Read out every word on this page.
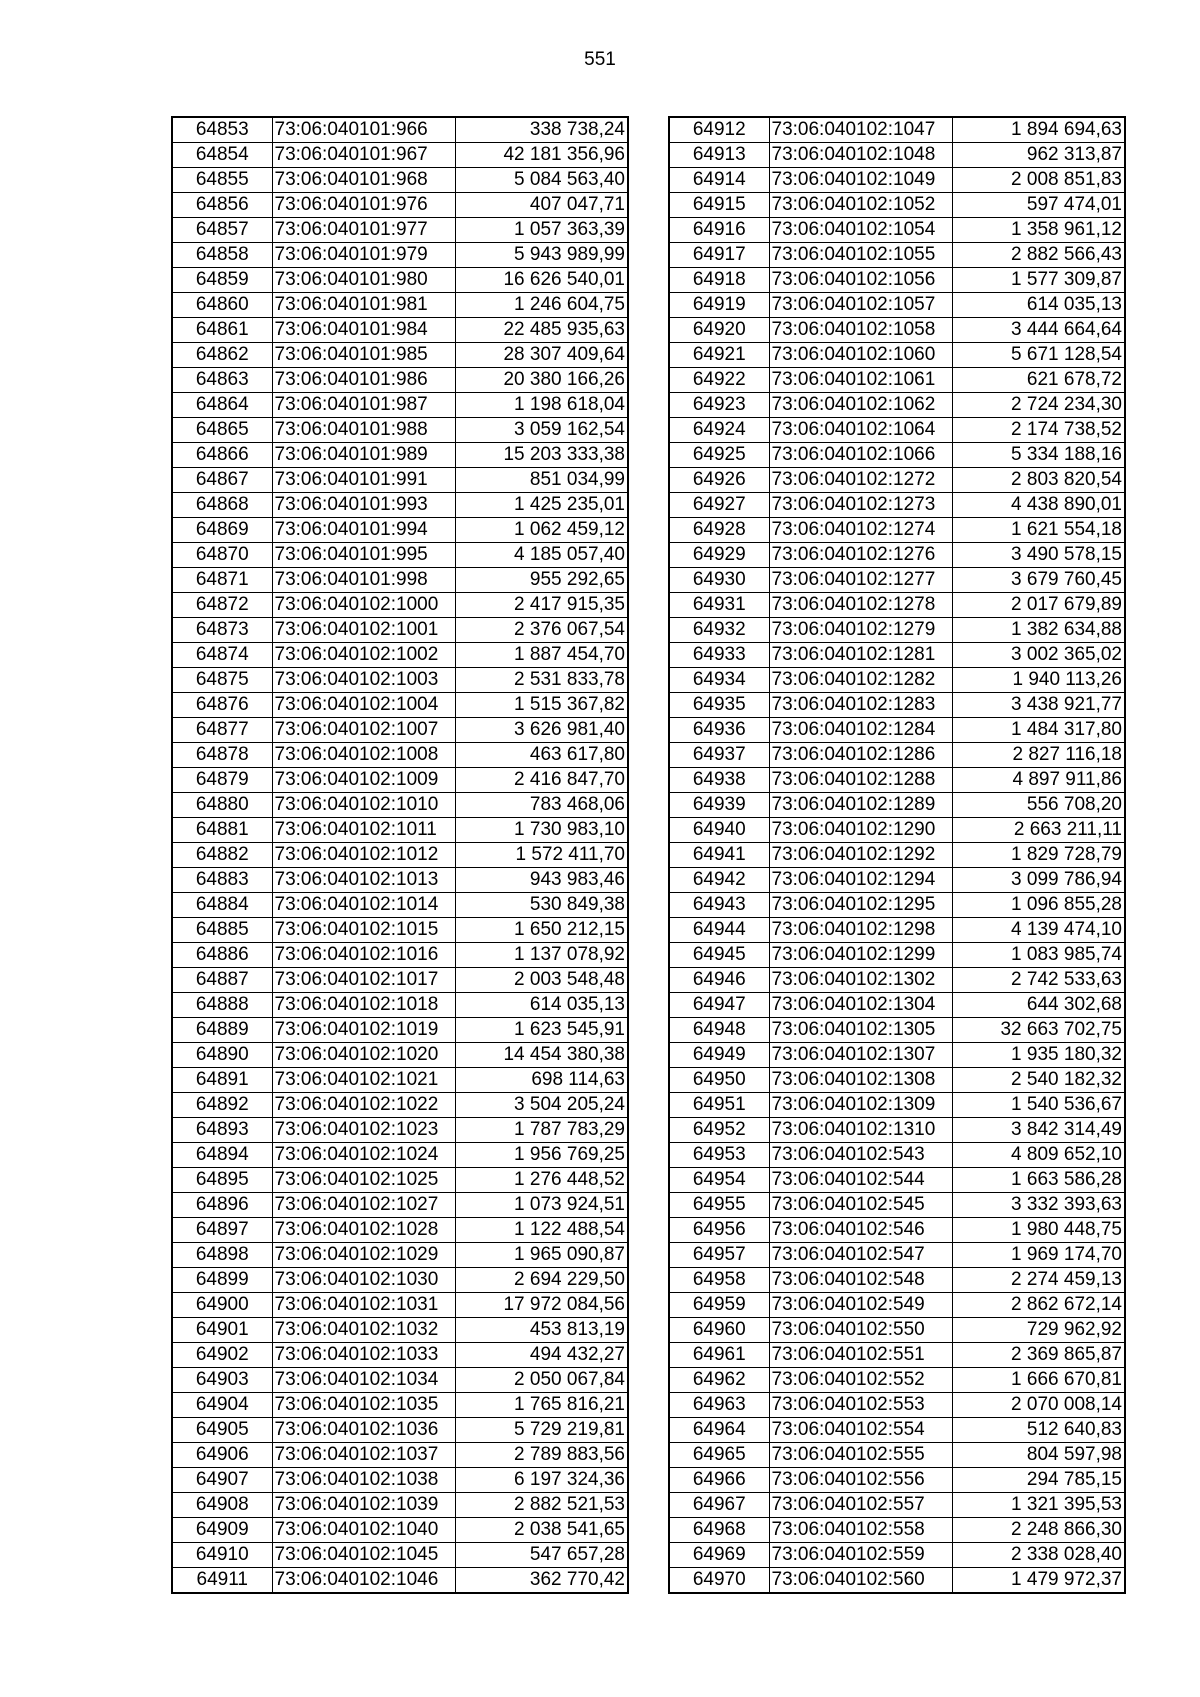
551
64853	73:06:040101:966	338 738,24
64854	73:06:040101:967	42 181 356,96
64855	73:06:040101:968	5 084 563,40
64856	73:06:040101:976	407 047,71
64857	73:06:040101:977	1 057 363,39
64858	73:06:040101:979	5 943 989,99
64859	73:06:040101:980	16 626 540,01
64860	73:06:040101:981	1 246 604,75
64861	73:06:040101:984	22 485 935,63
64862	73:06:040101:985	28 307 409,64
64863	73:06:040101:986	20 380 166,26
64864	73:06:040101:987	1 198 618,04
64865	73:06:040101:988	3 059 162,54
64866	73:06:040101:989	15 203 333,38
64867	73:06:040101:991	851 034,99
64868	73:06:040101:993	1 425 235,01
64869	73:06:040101:994	1 062 459,12
64870	73:06:040101:995	4 185 057,40
64871	73:06:040101:998	955 292,65
64872	73:06:040102:1000	2 417 915,35
64873	73:06:040102:1001	2 376 067,54
64874	73:06:040102:1002	1 887 454,70
64875	73:06:040102:1003	2 531 833,78
64876	73:06:040102:1004	1 515 367,82
64877	73:06:040102:1007	3 626 981,40
64878	73:06:040102:1008	463 617,80
64879	73:06:040102:1009	2 416 847,70
64880	73:06:040102:1010	783 468,06
64881	73:06:040102:1011	1 730 983,10
64882	73:06:040102:1012	1 572 411,70
64883	73:06:040102:1013	943 983,46
64884	73:06:040102:1014	530 849,38
64885	73:06:040102:1015	1 650 212,15
64886	73:06:040102:1016	1 137 078,92
64887	73:06:040102:1017	2 003 548,48
64888	73:06:040102:1018	614 035,13
64889	73:06:040102:1019	1 623 545,91
64890	73:06:040102:1020	14 454 380,38
64891	73:06:040102:1021	698 114,63
64892	73:06:040102:1022	3 504 205,24
64893	73:06:040102:1023	1 787 783,29
64894	73:06:040102:1024	1 956 769,25
64895	73:06:040102:1025	1 276 448,52
64896	73:06:040102:1027	1 073 924,51
64897	73:06:040102:1028	1 122 488,54
64898	73:06:040102:1029	1 965 090,87
64899	73:06:040102:1030	2 694 229,50
64900	73:06:040102:1031	17 972 084,56
64901	73:06:040102:1032	453 813,19
64902	73:06:040102:1033	494 432,27
64903	73:06:040102:1034	2 050 067,84
64904	73:06:040102:1035	1 765 816,21
64905	73:06:040102:1036	5 729 219,81
64906	73:06:040102:1037	2 789 883,56
64907	73:06:040102:1038	6 197 324,36
64908	73:06:040102:1039	2 882 521,53
64909	73:06:040102:1040	2 038 541,65
64910	73:06:040102:1045	547 657,28
64911	73:06:040102:1046	362 770,42
64912	73:06:040102:1047	1 894 694,63
64913	73:06:040102:1048	962 313,87
64914	73:06:040102:1049	2 008 851,83
64915	73:06:040102:1052	597 474,01
64916	73:06:040102:1054	1 358 961,12
64917	73:06:040102:1055	2 882 566,43
64918	73:06:040102:1056	1 577 309,87
64919	73:06:040102:1057	614 035,13
64920	73:06:040102:1058	3 444 664,64
64921	73:06:040102:1060	5 671 128,54
64922	73:06:040102:1061	621 678,72
64923	73:06:040102:1062	2 724 234,30
64924	73:06:040102:1064	2 174 738,52
64925	73:06:040102:1066	5 334 188,16
64926	73:06:040102:1272	2 803 820,54
64927	73:06:040102:1273	4 438 890,01
64928	73:06:040102:1274	1 621 554,18
64929	73:06:040102:1276	3 490 578,15
64930	73:06:040102:1277	3 679 760,45
64931	73:06:040102:1278	2 017 679,89
64932	73:06:040102:1279	1 382 634,88
64933	73:06:040102:1281	3 002 365,02
64934	73:06:040102:1282	1 940 113,26
64935	73:06:040102:1283	3 438 921,77
64936	73:06:040102:1284	1 484 317,80
64937	73:06:040102:1286	2 827 116,18
64938	73:06:040102:1288	4 897 911,86
64939	73:06:040102:1289	556 708,20
64940	73:06:040102:1290	2 663 211,11
64941	73:06:040102:1292	1 829 728,79
64942	73:06:040102:1294	3 099 786,94
64943	73:06:040102:1295	1 096 855,28
64944	73:06:040102:1298	4 139 474,10
64945	73:06:040102:1299	1 083 985,74
64946	73:06:040102:1302	2 742 533,63
64947	73:06:040102:1304	644 302,68
64948	73:06:040102:1305	32 663 702,75
64949	73:06:040102:1307	1 935 180,32
64950	73:06:040102:1308	2 540 182,32
64951	73:06:040102:1309	1 540 536,67
64952	73:06:040102:1310	3 842 314,49
64953	73:06:040102:543	4 809 652,10
64954	73:06:040102:544	1 663 586,28
64955	73:06:040102:545	3 332 393,63
64956	73:06:040102:546	1 980 448,75
64957	73:06:040102:547	1 969 174,70
64958	73:06:040102:548	2 274 459,13
64959	73:06:040102:549	2 862 672,14
64960	73:06:040102:550	729 962,92
64961	73:06:040102:551	2 369 865,87
64962	73:06:040102:552	1 666 670,81
64963	73:06:040102:553	2 070 008,14
64964	73:06:040102:554	512 640,83
64965	73:06:040102:555	804 597,98
64966	73:06:040102:556	294 785,15
64967	73:06:040102:557	1 321 395,53
64968	73:06:040102:558	2 248 866,30
64969	73:06:040102:559	2 338 028,40
64970	73:06:040102:560	1 479 972,37
